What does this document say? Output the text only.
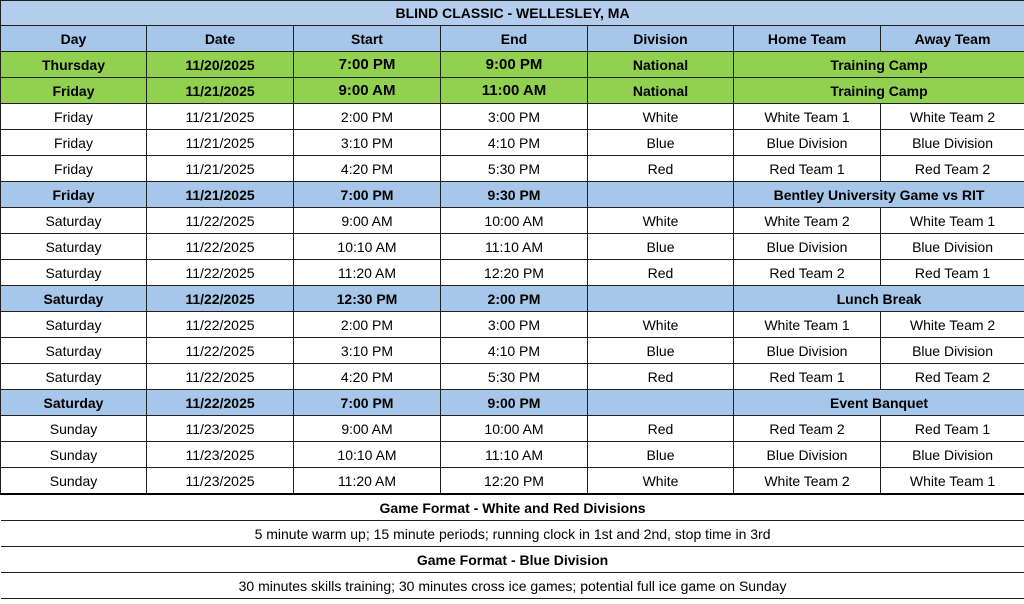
BLIND CLASSIC - WELLESLEY, MA						
Day	Date	Start	End	Division	Home Team	Away Team
Thursday	11/20/2025	7:00 PM	9:00 PM	National	Training Camp	
Friday	11/21/2025	9:00 AM	11:00 AM	National	Training Camp	
Friday	11/21/2025	2:00 PM	3:00 PM	White	White Team 1	White Team 2
Friday	11/21/2025	3:10 PM	4:10 PM	Blue	Blue Division	Blue Division
Friday	11/21/2025	4:20 PM	5:30 PM	Red	Red Team 1	Red Team 2
Friday	11/21/2025	7:00 PM	9:30 PM		Bentley University Game vs RIT	
Saturday	11/22/2025	9:00 AM	10:00 AM	White	White Team 2	White Team 1
Saturday	11/22/2025	10:10 AM	11:10 AM	Blue	Blue Division	Blue Division
Saturday	11/22/2025	11:20 AM	12:20 PM	Red	Red Team 2	Red Team 1
Saturday	11/22/2025	12:30 PM	2:00 PM		Lunch Break	
Saturday	11/22/2025	2:00 PM	3:00 PM	White	White Team 1	White Team 2
Saturday	11/22/2025	3:10 PM	4:10 PM	Blue	Blue Division	Blue Division
Saturday	11/22/2025	4:20 PM	5:30 PM	Red	Red Team 1	Red Team 2
Saturday	11/22/2025	7:00 PM	9:00 PM		Event Banquet	
Sunday	11/23/2025	9:00 AM	10:00 AM	Red	Red Team 2	Red Team 1
Sunday	11/23/2025	10:10 AM	11:10 AM	Blue	Blue Division	Blue Division
Sunday	11/23/2025	11:20 AM	12:20 PM	White	White Team 2	White Team 1
Game Format - White and Red Divisions						
5 minute warm up; 15 minute periods; running clock in 1st and 2nd, stop time in 3rd						
Game Format - Blue Division						
30 minutes skills training; 30 minutes cross ice games; potential full ice game on Sunday						
